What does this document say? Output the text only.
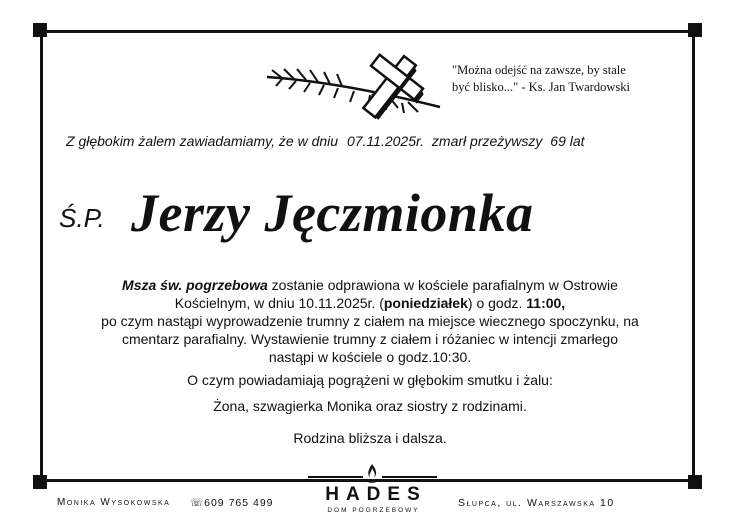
"Można odejść na zawsze, by stale
być blisko..." - Ks. Jan Twardowski
Z głębokim żalem zawiadamiamy, że w dniu 07.11.2025r. zmarł przeżywszy 69 lat
Ś.P. Jerzy Jęczmionka

Msza św. pogrzebowa zostanie odprawiona w kościele parafialnym w Ostrowie

Kościelnym, w dniu 10.11.2025r. (poniedziałek) o godz. 11:00,

po czym nastąpi wyprowadzenie trumny z ciałem na miejsce wiecznego spoczynku, na

cmentarz parafialny. Wystawienie trumny z ciałem i różaniec w intencji zmarłego

nastąpi w kościele o godz.10:30.

O czym powiadamiają pogrążeni w głębokim smutku i żalu:

Żona, szwagierka Monika oraz siostry z rodzinami.

Rodzina bliższa i dalsza.

Monika Wysokowska ☏609 765 499	HADES
DOM POGRZEBOWY
Słupca, ul. Warszawska 10
